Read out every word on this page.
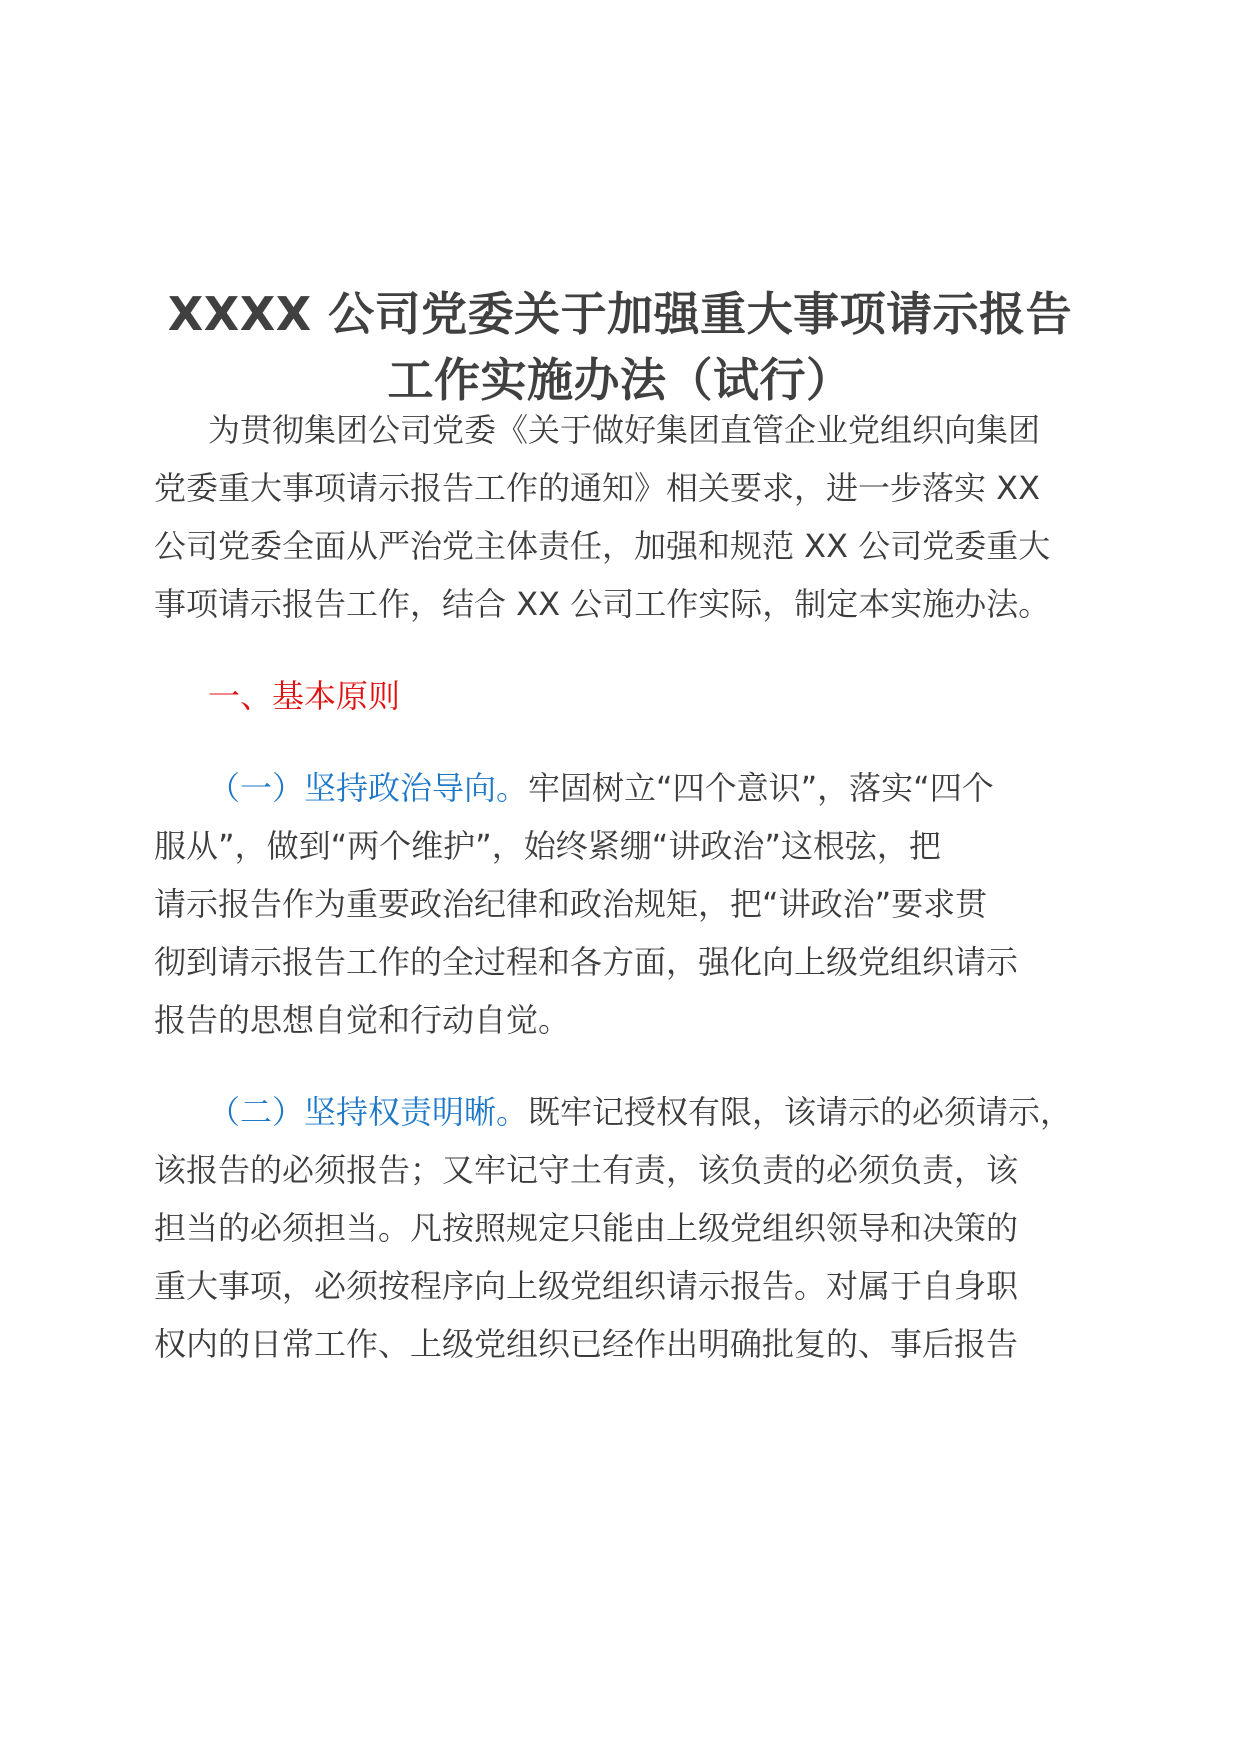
XXXX 公司党委关于加强重大事项请示报告
工作实施办法（试行）
为贯彻集团公司党委《关于做好集团直管企业党组织向集团
党委重大事项请示报告工作的通知》相关要求，进一步落实 XX
公司党委全面从严治党主体责任，加强和规范 XX 公司党委重大
事项请示报告工作，结合 XX 公司工作实际，制定本实施办法。
一、基本原则
（一）坚持政治导向。牢固树立“四个意识”，落实“四个
服从”，做到“两个维护”，始终紧绷“讲政治”这根弦，把
请示报告作为重要政治纪律和政治规矩，把“讲政治”要求贯
彻到请示报告工作的全过程和各方面，强化向上级党组织请示
报告的思想自觉和行动自觉。
（二）坚持权责明晰。既牢记授权有限，该请示的必须请示，
该报告的必须报告；又牢记守土有责，该负责的必须负责，该
担当的必须担当。凡按照规定只能由上级党组织领导和决策的
重大事项，必须按程序向上级党组织请示报告。对属于自身职
权内的日常工作、上级党组织已经作出明确批复的、事后报告
